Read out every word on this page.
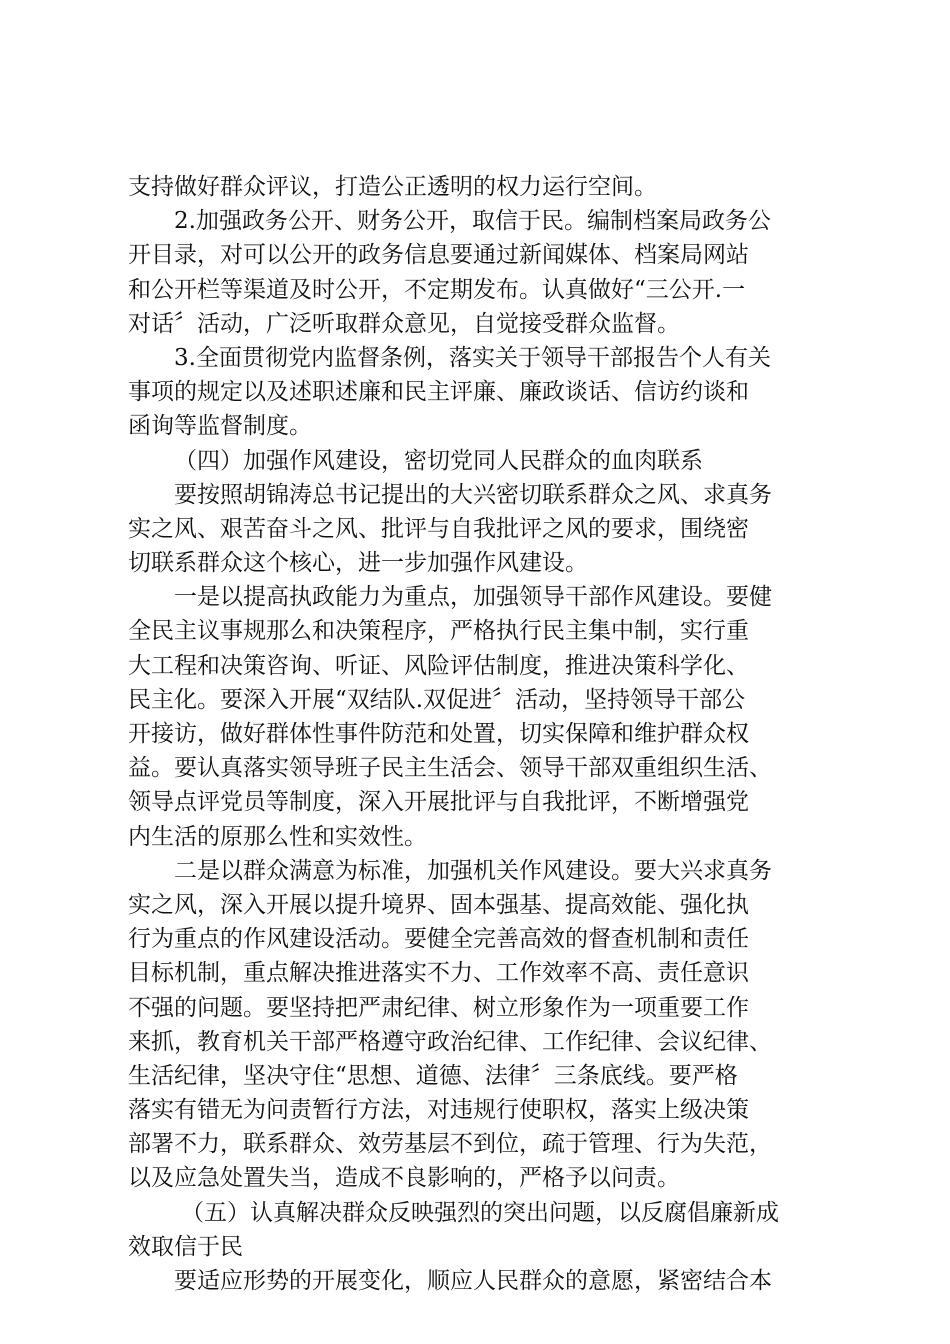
支持做好群众评议，打造公正透明的权力运行空间。
2.加强政务公开、财务公开，取信于民。编制档案局政务公
开目录，对可以公开的政务信息要通过新闻媒体、档案局网站
和公开栏等渠道及时公开，不定期发布。认真做好“三公开.一
对话〞活动，广泛听取群众意见，自觉接受群众监督。
3.全面贯彻党内监督条例，落实关于领导干部报告个人有关
事项的规定以及述职述廉和民主评廉、廉政谈话、信访约谈和
函询等监督制度。
（四）加强作风建设，密切党同人民群众的血肉联系
要按照胡锦涛总书记提出的大兴密切联系群众之风、求真务
实之风、艰苦奋斗之风、批评与自我批评之风的要求，围绕密
切联系群众这个核心，进一步加强作风建设。
一是以提高执政能力为重点，加强领导干部作风建设。要健
全民主议事规那么和决策程序，严格执行民主集中制，实行重
大工程和决策咨询、听证、风险评估制度，推进决策科学化、
民主化。要深入开展“双结队.双促进〞活动，坚持领导干部公
开接访，做好群体性事件防范和处置，切实保障和维护群众权
益。要认真落实领导班子民主生活会、领导干部双重组织生活、
领导点评党员等制度，深入开展批评与自我批评，不断增强党
内生活的原那么性和实效性。
二是以群众满意为标准，加强机关作风建设。要大兴求真务
实之风，深入开展以提升境界、固本强基、提高效能、强化执
行为重点的作风建设活动。要健全完善高效的督查机制和责任
目标机制，重点解决推进落实不力、工作效率不高、责任意识
不强的问题。要坚持把严肃纪律、树立形象作为一项重要工作
来抓，教育机关干部严格遵守政治纪律、工作纪律、会议纪律、
生活纪律，坚决守住“思想、道德、法律〞三条底线。要严格
落实有错无为问责暂行方法，对违规行使职权，落实上级决策
部署不力，联系群众、效劳基层不到位，疏于管理、行为失范，
以及应急处置失当，造成不良影响的，严格予以问责。
（五）认真解决群众反映强烈的突出问题，以反腐倡廉新成
效取信于民
要适应形势的开展变化，顺应人民群众的意愿，紧密结合本
